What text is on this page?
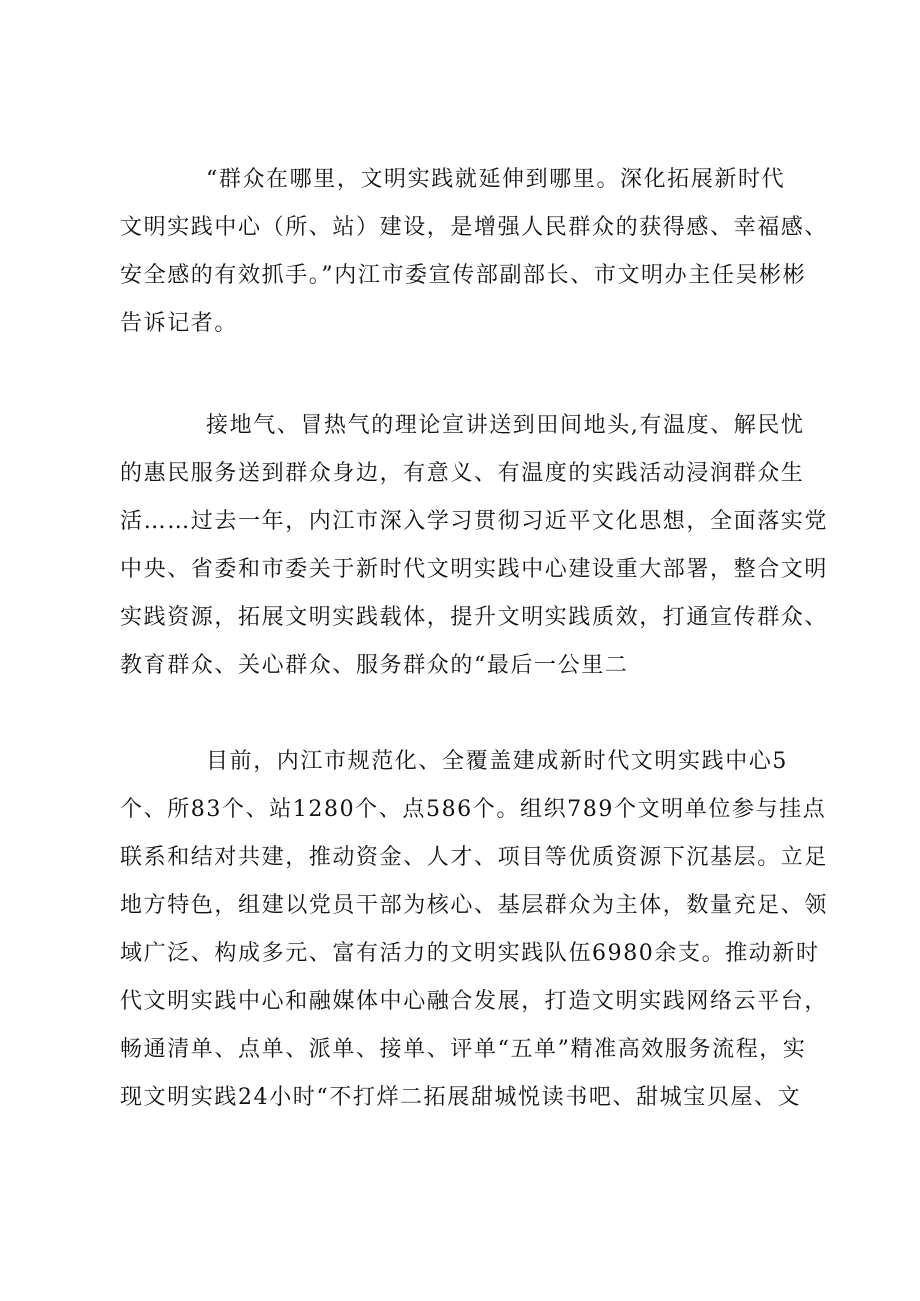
“群众在哪里，文明实践就延伸到哪里。深化拓展新时代
文明实践中心（所、站）建设，是增强人民群众的获得感、幸福感、
安全感的有效抓手。”内江市委宣传部副部长、市文明办主任吴彬彬
告诉记者。
接地气、冒热气的理论宣讲送到田间地头,有温度、解民忧
的惠民服务送到群众身边，有意义、有温度的实践活动浸润群众生
活……过去一年，内江市深入学习贯彻习近平文化思想，全面落实党
中央、省委和市委关于新时代文明实践中心建设重大部署，整合文明
实践资源，拓展文明实践载体，提升文明实践质效，打通宣传群众、
教育群众、关心群众、服务群众的“最后一公里二
目前，内江市规范化、全覆盖建成新时代文明实践中心5
个、所83个、站1280个、点586个。组织789个文明单位参与挂点
联系和结对共建，推动资金、人才、项目等优质资源下沉基层。立足
地方特色，组建以党员干部为核心、基层群众为主体，数量充足、领
域广泛、构成多元、富有活力的文明实践队伍6980余支。推动新时
代文明实践中心和融媒体中心融合发展，打造文明实践网络云平台，
畅通清单、点单、派单、接单、评单“五单”精准高效服务流程，实
现文明实践24小时“不打烊二拓展甜城悦读书吧、甜城宝贝屋、文
